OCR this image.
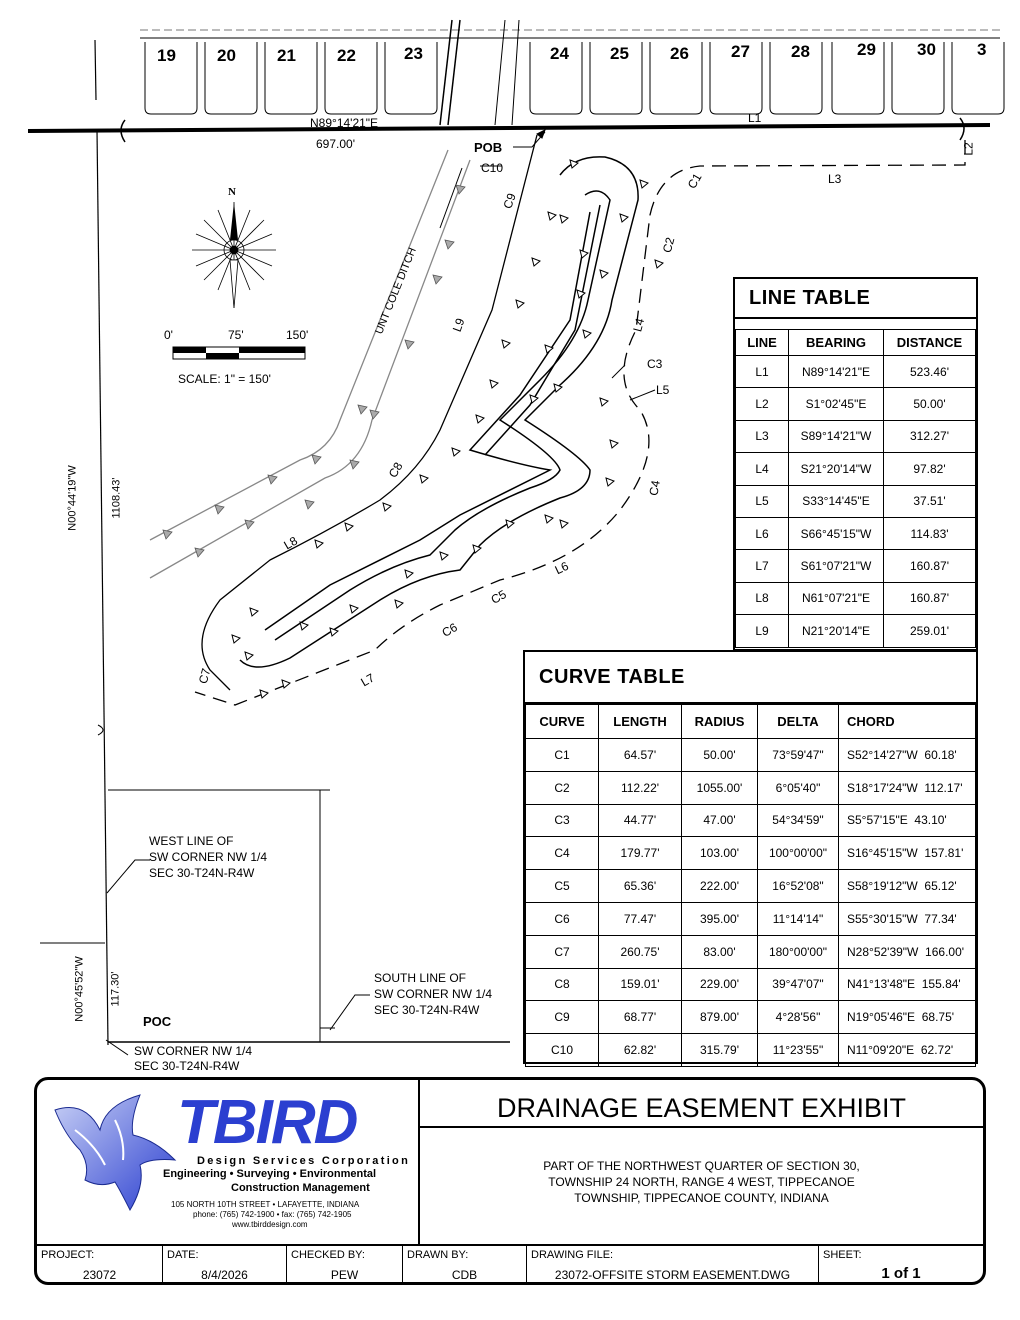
19 20 21 22	23	24 25 26 27 28	29 30 3
N89°14'21"E	L1
697.00'	POB	L2
L3
C10
C1
C9
C2
UNT COLE DITCH	L9	L4
C3
L5
C8
C4
L8
L6
C5
C6
C7	L7
N00°44'19"W	1108.43'
N00°45'52"W 117.30'
POC
N
0'	75'	150'
SCALE: 1" = 150'
WEST LINE OF
SW CORNER NW 1/4
SEC 30-T24N-R4W
SOUTH LINE OF
SW CORNER NW 1/4
SEC 30-T24N-R4W
SW CORNER NW 1/4
SEC 30-T24N-R4W
LINE TABLE
LINE	BEARING	DISTANCE
L1	N89°14'21"E	523.46'
L2	S1°02'45"E	50.00'
L3	S89°14'21"W	312.27'
L4	S21°20'14"W	97.82'
L5	S33°14'45"E	37.51'
L6	S66°45'15"W	114.83'
L7	S61°07'21"W	160.87'
L8	N61°07'21"E	160.87'
L9	N21°20'14"E	259.01'
CURVE TABLE
CURVE	LENGTH	RADIUS	DELTA	CHORD
C1	64.57'	50.00'	73°59'47"	S52°14'27"W  60.18'
C2	112.22'	1055.00'	6°05'40"	S18°17'24"W  112.17'
C3	44.77'	47.00'	54°34'59"	S5°57'15"E  43.10'
C4	179.77'	103.00'	100°00'00"	S16°45'15"W  157.81'
C5	65.36'	222.00'	16°52'08"	S58°19'12"W  65.12'
C6	77.47'	395.00'	11°14'14"	S55°30'15"W  77.34'
C7	260.75'	83.00'	180°00'00"	N28°52'39"W  166.00'
C8	159.01'	229.00'	39°47'07"	N41°13'48"E  155.84'
C9	68.77'	879.00'	4°28'56"	N19°05'46"E  68.75'
C10	62.82'	315.79'	11°23'55"	N11°09'20"E  62.72'
TBIRD
Design Services Corporation
Engineering • Surveying • Environmental
Construction Management
105 NORTH 10TH STREET • LAFAYETTE, INDIANA
phone: (765) 742-1900 • fax: (765) 742-1905
www.tbirddesign.com
DRAINAGE EASEMENT EXHIBIT
PART OF THE NORTHWEST QUARTER OF SECTION 30,
TOWNSHIP 24 NORTH, RANGE 4 WEST, TIPPECANOE
TOWNSHIP, TIPPECANOE COUNTY, INDIANA
PROJECT:
23072
DATE:
8/4/2026
CHECKED BY:
PEW
DRAWN BY:
CDB
DRAWING FILE:
23072-OFFSITE STORM EASEMENT.DWG
SHEET:
1 of 1
